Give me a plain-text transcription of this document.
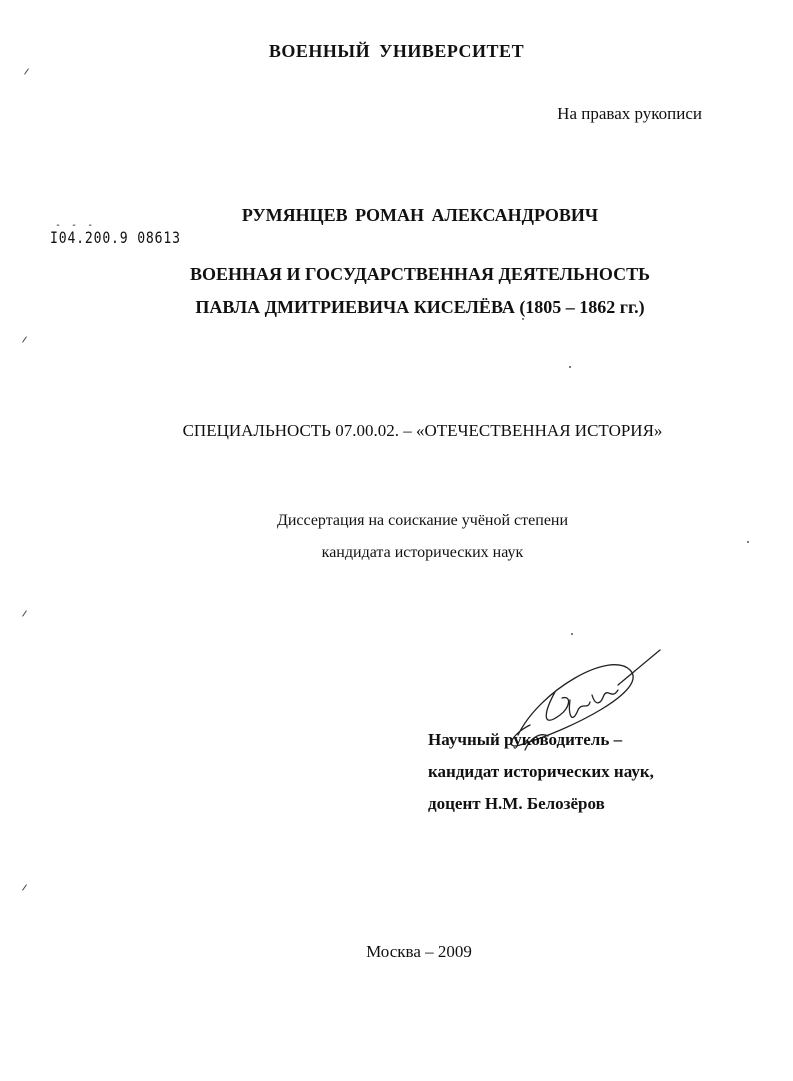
ВОЕННЫЙ УНИВЕРСИТЕТ
На правах рукописи
- - -
I04.200.9 08613
РУМЯНЦЕВ РОМАН АЛЕКСАНДРОВИЧ
ВОЕННАЯ И ГОСУДАРСТВЕННАЯ ДЕЯТЕЛЬНОСТЬ
ПАВЛА ДМИТРИЕВИЧА КИСЕЛЁВА (1805 – 1862 гг.)
СПЕЦИАЛЬНОСТЬ 07.00.02. – «ОТЕЧЕСТВЕННАЯ ИСТОРИЯ»
Диссертация на соискание учёной степени
кандидата исторических наук
Научный руководитель –
кандидат исторических наук,
доцент Н.М. Белозёров
Москва – 2009
